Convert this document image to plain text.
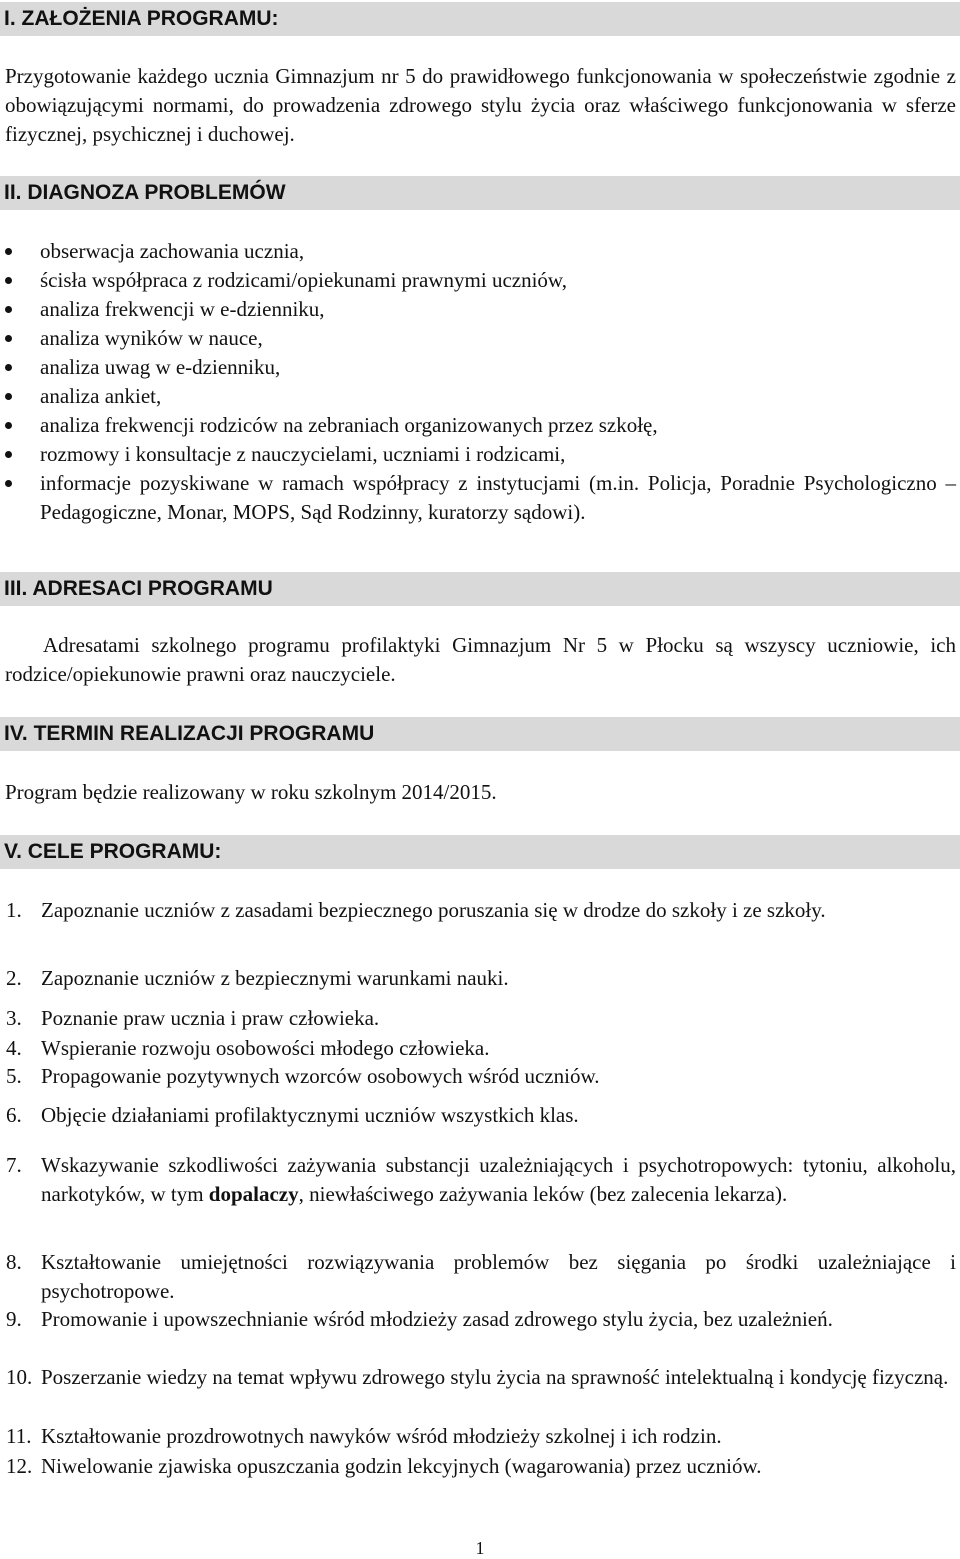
I. ZAŁOŻENIA PROGRAMU:
Przygotowanie każdego ucznia Gimnazjum nr 5 do prawidłowego funkcjonowania w społeczeństwie zgodnie z obowiązującymi normami, do prowadzenia zdrowego stylu życia oraz właściwego funkcjonowania w sferze fizycznej, psychicznej i duchowej.
II. DIAGNOZA PROBLEMÓW
obserwacja zachowania ucznia,
ścisła współpraca z rodzicami/opiekunami prawnymi uczniów,
analiza frekwencji w e-dzienniku,
analiza wyników w nauce,
analiza uwag w e-dzienniku,
analiza ankiet,
analiza frekwencji rodziców na zebraniach organizowanych przez szkołę,
rozmowy i konsultacje z nauczycielami, uczniami i rodzicami,
informacje pozyskiwane w ramach współpracy z instytucjami (m.in. Policja, Poradnie Psychologiczno – Pedagogiczne, Monar, MOPS, Sąd Rodzinny, kuratorzy sądowi).
III. ADRESACI PROGRAMU
Adresatami szkolnego programu profilaktyki Gimnazjum Nr 5 w Płocku są wszyscy uczniowie, ich rodzice/opiekunowie prawni oraz nauczyciele.
IV. TERMIN REALIZACJI PROGRAMU
Program będzie realizowany w roku szkolnym 2014/2015.
V. CELE PROGRAMU:
1. Zapoznanie uczniów z zasadami bezpiecznego poruszania się w drodze do szkoły i ze szkoły.
2. Zapoznanie uczniów z bezpiecznymi warunkami nauki.
3. Poznanie praw ucznia i praw człowieka.
4. Wspieranie rozwoju osobowości młodego człowieka.
5. Propagowanie pozytywnych wzorców osobowych wśród uczniów.
6. Objęcie działaniami profilaktycznymi uczniów wszystkich klas.
7. Wskazywanie szkodliwości zażywania substancji uzależniających i psychotropowych: tytoniu, alkoholu, narkotyków, w tym dopalaczy, niewłaściwego zażywania leków (bez zalecenia lekarza).
8. Kształtowanie umiejętności rozwiązywania problemów bez sięgania po środki uzależniające i psychotropowe.
9. Promowanie i upowszechnianie wśród młodzieży zasad zdrowego stylu życia, bez uzależnień.
10. Poszerzanie wiedzy na temat wpływu zdrowego stylu życia na sprawność intelektualną i kondycję fizyczną.
11. Kształtowanie prozdrowotnych nawyków wśród młodzieży szkolnej i ich rodzin.
12. Niwelowanie zjawiska opuszczania godzin lekcyjnych (wagarowania) przez uczniów.
1
